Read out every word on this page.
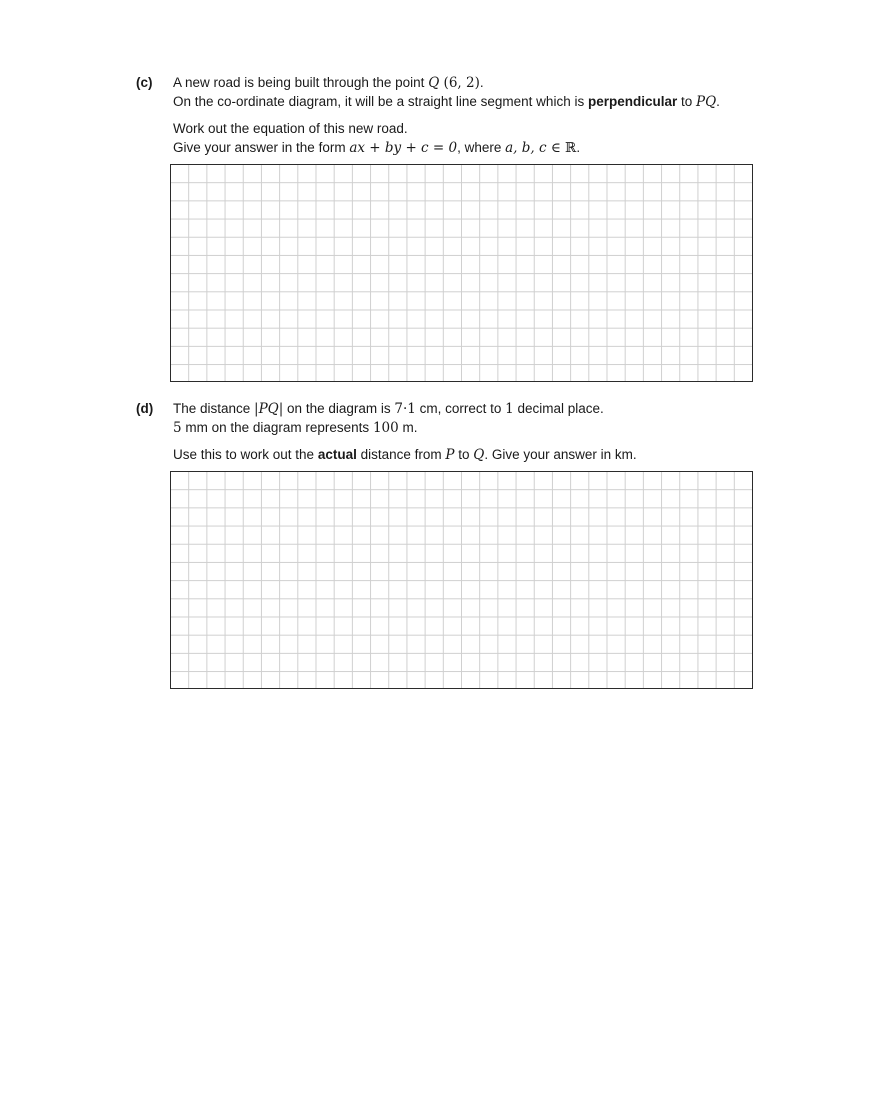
(c) A new road is being built through the point Q (6, 2).
On the co-ordinate diagram, it will be a straight line segment which is perpendicular to PQ.
Work out the equation of this new road.
Give your answer in the form ax + by + c = 0, where a, b, c ∈ ℝ.
(d) The distance |PQ| on the diagram is 7·1 cm, correct to 1 decimal place.
5 mm on the diagram represents 100 m.
Use this to work out the actual distance from P to Q. Give your answer in km.
